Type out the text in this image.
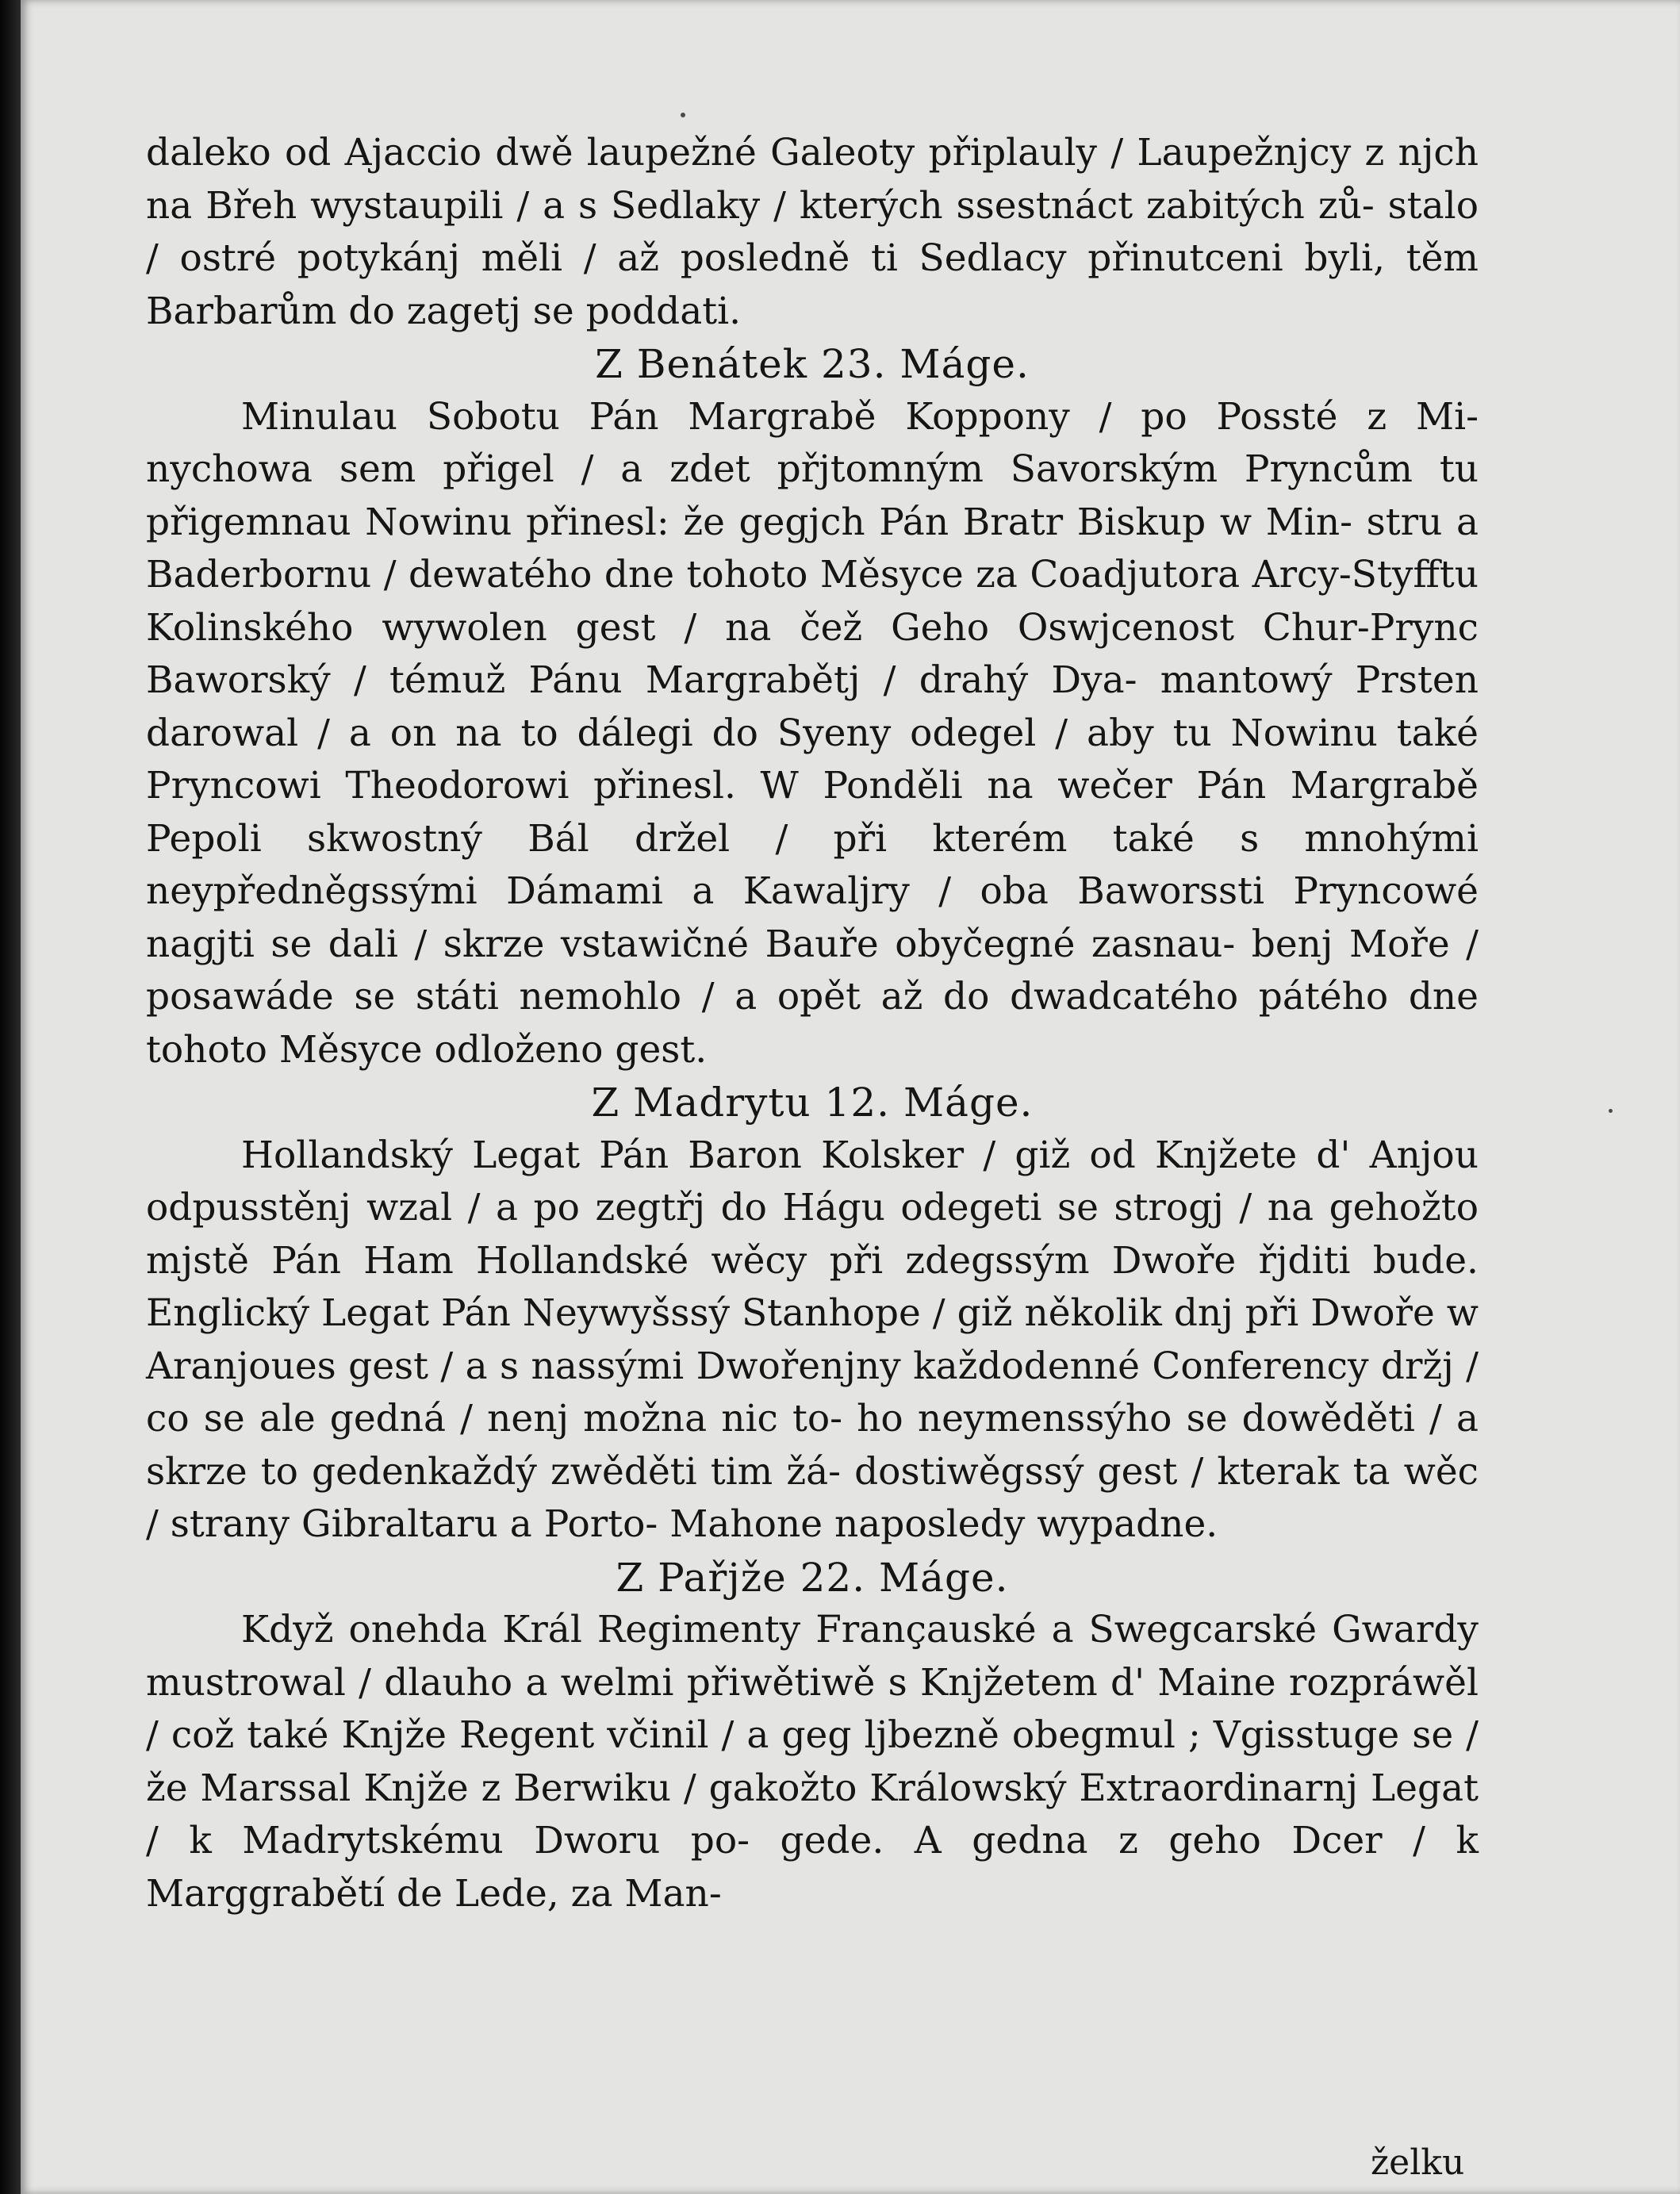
daleko od Ajaccio dwě laupežné Galeoty připlauly / Laupežnjcy z njch na Břeh wystaupili / a s Sedlaky / kterých ssestnáct zabitých zů- stalo / ostré potykánj měli / až posledně ti Sedlacy přinutceni byli, těm Barbarům do zagetj se poddati.

Z Benátek 23. Máge.

Minulau Sobotu Pán Margrabě Koppony / po Possté z Mi- nychowa sem přigel / a zdet přjtomným Savorským Pryncům tu přigemnau Nowinu přinesl: že gegjch Pán Bratr Biskup w Min- stru a Baderbornu / dewatého dne tohoto Měsyce za Coadjutora Arcy-Styfftu Kolinského wywolen gest / na čež Geho Oswjcenost Chur-Prync Baworský / témuž Pánu Margrabětj / drahý Dya- mantowý Prsten darowal / a on na to dálegi do Syeny odegel / aby tu Nowinu také Pryncowi Theodorowi přinesl. W Ponděli na wečer Pán Margrabě Pepoli skwostný Bál držel / při kterém také s mnohými neypředněgssými Dámami a Kawaljry / oba Baworssti Pryncowé nagjti se dali / skrze vstawičné Bauře obyčegné zasnau- benj Moře / posawáde se státi nemohlo / a opět až do dwadcatého pátého dne tohoto Měsyce odloženo gest.

Z Madrytu 12. Máge.

Hollandský Legat Pán Baron Kolsker / giž od Knjžete d' Anjou odpusstěnj wzal / a po zegtřj do Hágu odegeti se strogj / na gehožto mjstě Pán Ham Hollandské wěcy při zdegssým Dwoře řjditi bude. Englický Legat Pán Neywyšssý Stanhope / giž několik dnj při Dwoře w Aranjoues gest / a s nassými Dwořenjny každodenné Conferency držj / co se ale gedná / nenj možna nic to- ho neymenssýho se dowěděti / a skrze to gedenkaždý zwěděti tim žá- dostiwěgssý gest / kterak ta wěc / strany Gibraltaru a Porto- Mahone naposledy wypadne.

Z Pařjže 22. Máge.

Když onehda Král Regimenty Françauské a Swegcarské Gwardy mustrowal / dlauho a welmi přiwětiwě s Knjžetem d' Maine rozpráwěl / což také Knjže Regent včinil / a geg ljbezně obegmul ; Vgisstuge se / že Marssal Knjže z Berwiku / gakožto Králowský Extraordinarnj Legat / k Madrytskému Dworu po- gede. A gedna z geho Dcer / k Marggrabětí de Lede, za Man-

želku
